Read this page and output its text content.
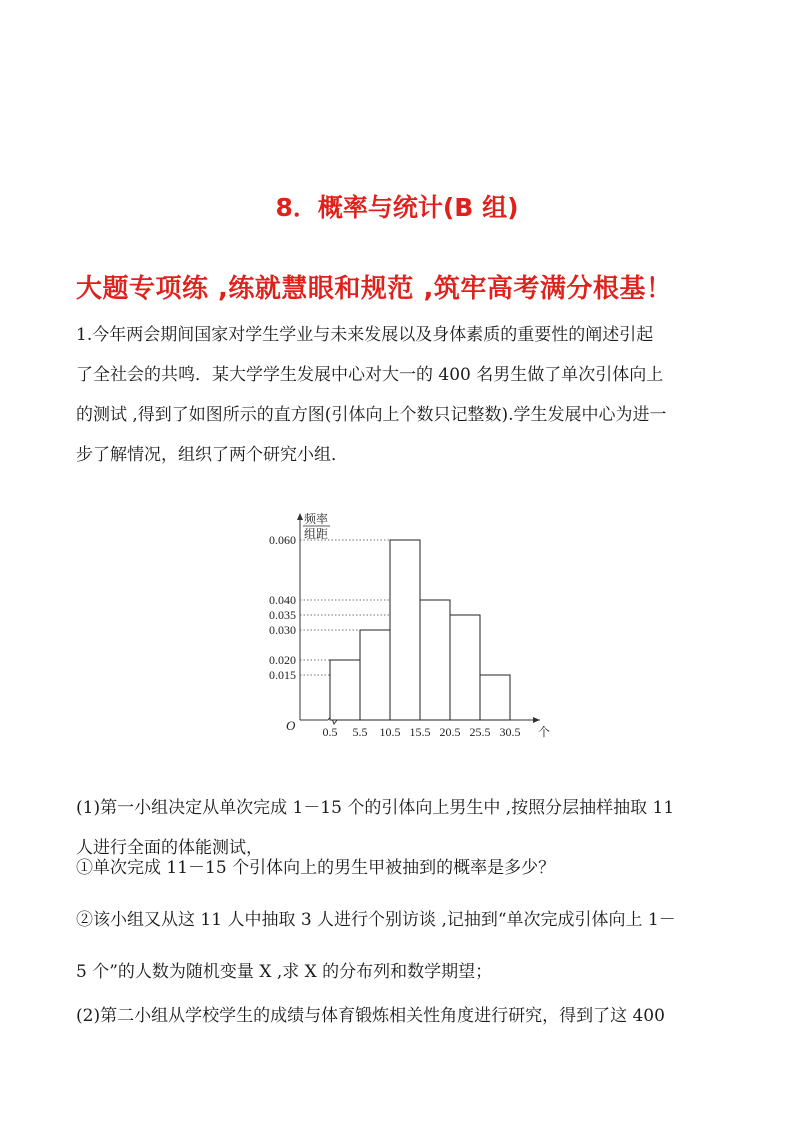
8．概率与统计(B 组)
大题专项练 ,练就慧眼和规范 ,筑牢高考满分根基！
1.今年两会期间国家对学生学业与未来发展以及身体素质的重要性的阐述引起
了全社会的共鸣．某大学学生发展中心对大一的 400 名男生做了单次引体向上
的测试 ,得到了如图所示的直方图(引体向上个数只记整数).学生发展中心为进一
步了解情况，组织了两个研究小组．
频率
组距
O
0.015
0.020
0.030
0.035
0.040
0.060
0.5 5.5 10.5 15.5 20.5 25.5 30.5 个
(1)第一小组决定从单次完成 1－15 个的引体向上男生中 ,按照分层抽样抽取 11
人进行全面的体能测试，
①单次完成 11－15 个引体向上的男生甲被抽到的概率是多少？
②该小组又从这 11 人中抽取 3 人进行个别访谈 ,记抽到“单次完成引体向上 1－
5 个”的人数为随机变量 X ,求 X 的分布列和数学期望；
(2)第二小组从学校学生的成绩与体育锻炼相关性角度进行研究，得到了这 400
